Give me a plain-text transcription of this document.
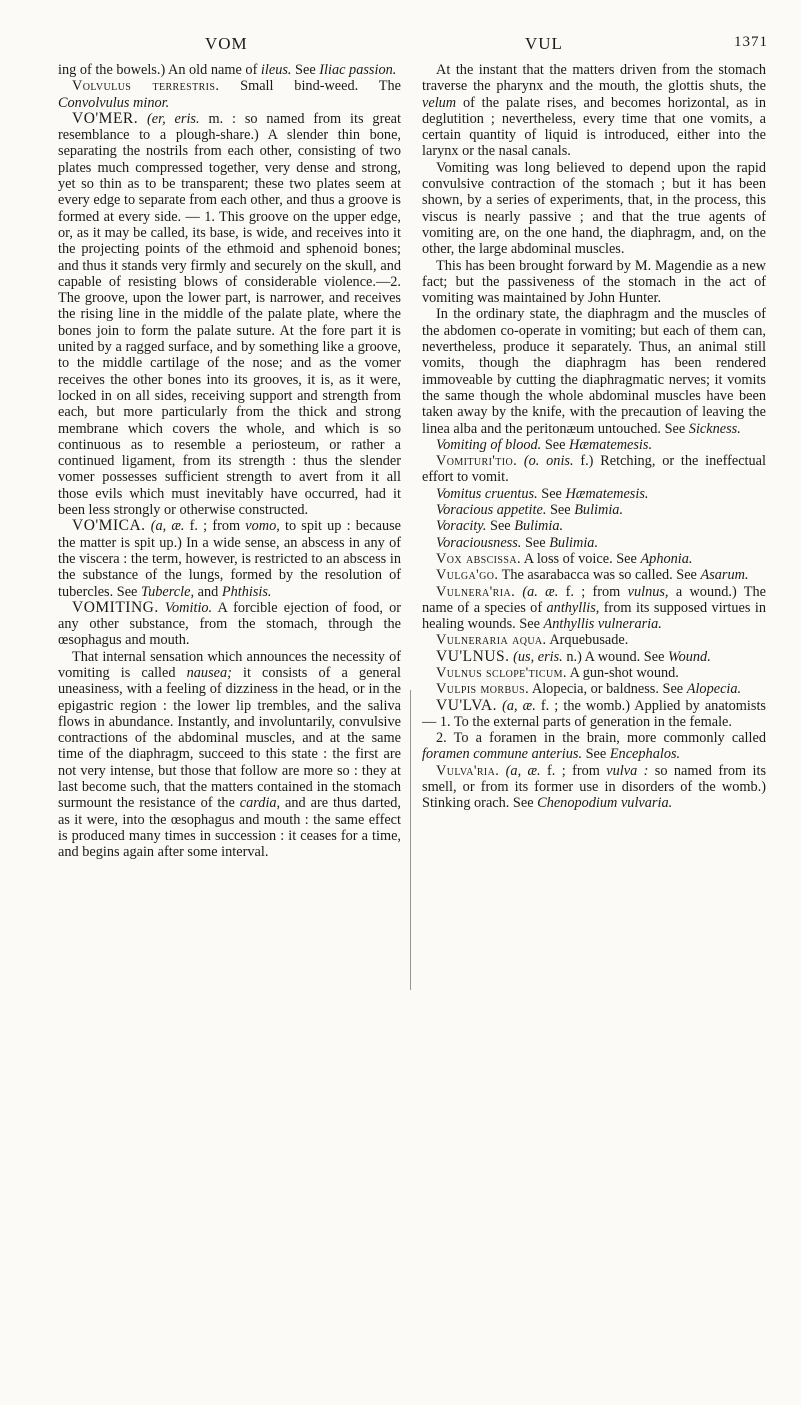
VOM	VUL	1371

ing of the bowels.) An old name of ileus. See Iliac passion.

Volvulus terrestris. Small bind-weed. The Convolvulus minor.

VO'MER. (er, eris. m. : so named from its great resemblance to a plough-share.) A slender thin bone, separating the nostrils from each other, consisting of two plates much compressed together, very dense and strong, yet so thin as to be transparent; these two plates seem at every edge to separate from each other, and thus a groove is formed at every side. — 1. This groove on the upper edge, or, as it may be called, its base, is wide, and receives into it the projecting points of the ethmoid and sphenoid bones; and thus it stands very firmly and securely on the skull, and capable of resisting blows of considerable violence.—2. The groove, upon the lower part, is narrower, and receives the rising line in the middle of the palate plate, where the bones join to form the palate suture. At the fore part it is united by a ragged surface, and by something like a groove, to the middle cartilage of the nose; and as the vomer receives the other bones into its grooves, it is, as it were, locked in on all sides, receiving support and strength from each, but more particularly from the thick and strong membrane which covers the whole, and which is so continuous as to resemble a periosteum, or rather a continued ligament, from its strength : thus the slender vomer possesses sufficient strength to avert from it all those evils which must inevitably have occurred, had it been less strongly or otherwise constructed.

VO'MICA. (a, æ. f. ; from vomo, to spit up : because the matter is spit up.) In a wide sense, an abscess in any of the viscera : the term, however, is restricted to an abscess in the substance of the lungs, formed by the resolution of tubercles. See Tubercle, and Phthisis.

VOMITING. Vomitio. A forcible ejection of food, or any other substance, from the stomach, through the œsophagus and mouth.

That internal sensation which announces the necessity of vomiting is called nausea; it consists of a general uneasiness, with a feeling of dizziness in the head, or in the epigastric region : the lower lip trembles, and the saliva flows in abundance. Instantly, and involuntarily, convulsive contractions of the abdominal muscles, and at the same time of the diaphragm, succeed to this state : the first are not very intense, but those that follow are more so : they at last become such, that the matters contained in the stomach surmount the resistance of the cardia, and are thus darted, as it were, into the œsophagus and mouth : the same effect is produced many times in succession : it ceases for a time, and begins again after some interval.

At the instant that the matters driven from the stomach traverse the pharynx and the mouth, the glottis shuts, the velum of the palate rises, and becomes horizontal, as in deglutition ; nevertheless, every time that one vomits, a certain quantity of liquid is introduced, either into the larynx or the nasal canals.

Vomiting was long believed to depend upon the rapid convulsive contraction of the stomach ; but it has been shown, by a series of experiments, that, in the process, this viscus is nearly passive ; and that the true agents of vomiting are, on the one hand, the diaphragm, and, on the other, the large abdominal muscles.

This has been brought forward by M. Magendie as a new fact; but the passiveness of the stomach in the act of vomiting was maintained by John Hunter.

In the ordinary state, the diaphragm and the muscles of the abdomen co-operate in vomiting; but each of them can, nevertheless, produce it separately. Thus, an animal still vomits, though the diaphragm has been rendered immoveable by cutting the diaphragmatic nerves; it vomits the same though the whole abdominal muscles have been taken away by the knife, with the precaution of leaving the linea alba and the peritonæum untouched. See Sickness.

Vomiting of blood. See Hæmatemesis.

Vomituri'tio. (o. onis. f.) Retching, or the ineffectual effort to vomit.

Vomitus cruentus. See Hæmatemesis.

Voracious appetite. See Bulimia.

Voracity. See Bulimia.

Voraciousness. See Bulimia.

Vox abscissa. A loss of voice. See Aphonia.

Vulga'go. The asarabacca was so called. See Asarum.

Vulnera'ria. (a. æ. f. ; from vulnus, a wound.) The name of a species of anthyllis, from its supposed virtues in healing wounds. See Anthyllis vulneraria.

Vulneraria aqua. Arquebusade.

VU'LNUS. (us, eris. n.) A wound. See Wound.

Vulnus sclope'ticum. A gun-shot wound.

Vulpis morbus. Alopecia, or baldness. See Alopecia.

VU'LVA. (a, æ. f. ; the womb.) Applied by anatomists — 1. To the external parts of generation in the female.

2. To a foramen in the brain, more commonly called foramen commune anterius. See Encephalos.

Vulva'ria. (a, æ. f. ; from vulva : so named from its smell, or from its former use in disorders of the womb.) Stinking orach. See Chenopodium vulvaria.
